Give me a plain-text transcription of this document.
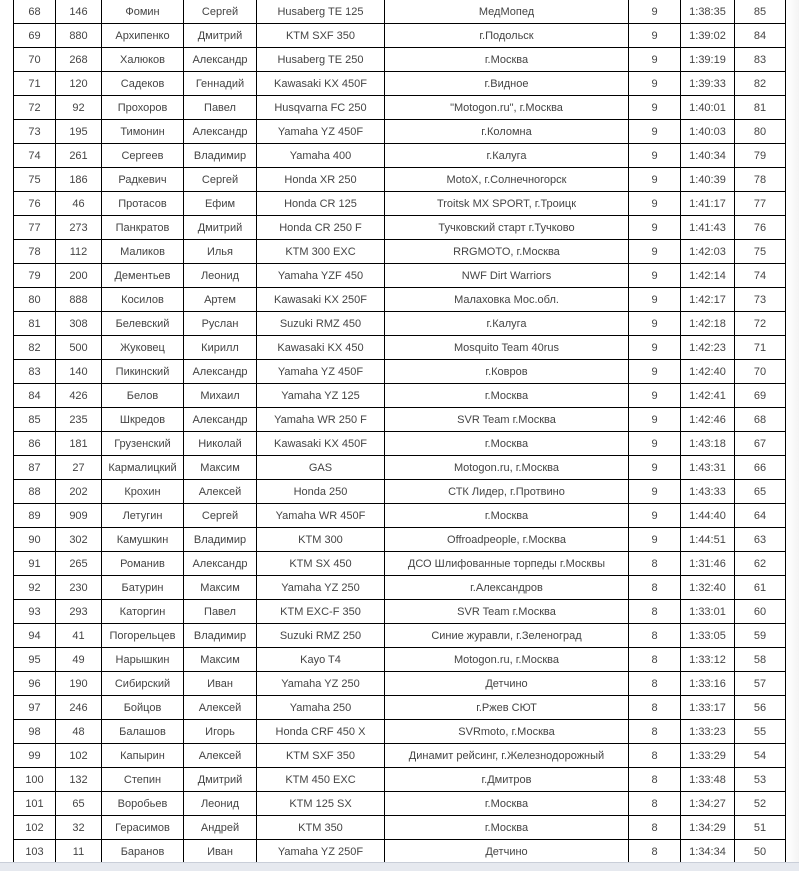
68	146	Фомин	Сергей	Husaberg TE 125	МедМопед	9	1:38:35	85
69	880	Архипенко	Дмитрий	KTM SXF 350	г.Подольск	9	1:39:02	84
70	268	Халюков	Александр	Husaberg TE 250	г.Москва	9	1:39:19	83
71	120	Садеков	Геннадий	Kawasaki KX 450F	г.Видное	9	1:39:33	82
72	92	Прохоров	Павел	Husqvarna FC 250	"Motogon.ru", г.Москва	9	1:40:01	81
73	195	Тимонин	Александр	Yamaha YZ 450F	г.Коломна	9	1:40:03	80
74	261	Сергеев	Владимир	Yamaha 400	г.Калуга	9	1:40:34	79
75	186	Радкевич	Сергей	Honda XR 250	MotoX, г.Солнечногорск	9	1:40:39	78
76	46	Протасов	Ефим	Honda CR 125	Troitsk MX SPORT, г.Троицк	9	1:41:17	77
77	273	Панкратов	Дмитрий	Honda CR 250 F	Тучковский старт г.Тучково	9	1:41:43	76
78	112	Маликов	Илья	KTM 300 EXC	RRGMOTO, г.Москва	9	1:42:03	75
79	200	Дементьев	Леонид	Yamaha YZF 450	NWF Dirt Warriors	9	1:42:14	74
80	888	Косилов	Артем	Kawasaki KX 250F	Малаховка Мос.обл.	9	1:42:17	73
81	308	Белевский	Руслан	Suzuki RMZ 450	г.Калуга	9	1:42:18	72
82	500	Жуковец	Кирилл	Kawasaki KX 450	Mosquito Team 40rus	9	1:42:23	71
83	140	Пикинский	Александр	Yamaha YZ 450F	г.Ковров	9	1:42:40	70
84	426	Белов	Михаил	Yamaha YZ 125	г.Москва	9	1:42:41	69
85	235	Шкредов	Александр	Yamaha WR 250 F	SVR Team г.Москва	9	1:42:46	68
86	181	Грузенский	Николай	Kawasaki KX 450F	г.Москва	9	1:43:18	67
87	27	Кармалицкий	Максим	GAS	Motogon.ru, г.Москва	9	1:43:31	66
88	202	Крохин	Алексей	Honda 250	СТК Лидер, г.Протвино	9	1:43:33	65
89	909	Летугин	Сергей	Yamaha WR 450F	г.Москва	9	1:44:40	64
90	302	Камушкин	Владимир	KTM 300	Offroadpeople, г.Москва	9	1:44:51	63
91	265	Романив	Александр	KTM SX 450	ДСО Шлифованные торпеды г.Москвы	8	1:31:46	62
92	230	Батурин	Максим	Yamaha YZ 250	г.Александров	8	1:32:40	61
93	293	Каторгин	Павел	KTM EXC-F 350	SVR Team г.Москва	8	1:33:01	60
94	41	Погорельцев	Владимир	Suzuki RMZ 250	Синие журавли, г.Зеленоград	8	1:33:05	59
95	49	Нарышкин	Максим	Kayo T4	Motogon.ru, г.Москва	8	1:33:12	58
96	190	Сибирский	Иван	Yamaha YZ 250	Детчино	8	1:33:16	57
97	246	Бойцов	Алексей	Yamaha 250	г.Ржев СЮТ	8	1:33:17	56
98	48	Балашов	Игорь	Honda CRF 450 X	SVRmoto, г.Москва	8	1:33:23	55
99	102	Капырин	Алексей	KTM SXF 350	Динамит рейсинг, г.Железнодорожный	8	1:33:29	54
100	132	Степин	Дмитрий	KTM 450 EXC	г.Дмитров	8	1:33:48	53
101	65	Воробьев	Леонид	KTM 125 SX	г.Москва	8	1:34:27	52
102	32	Герасимов	Андрей	KTM 350	г.Москва	8	1:34:29	51
103	11	Баранов	Иван	Yamaha YZ 250F	Детчино	8	1:34:34	50
